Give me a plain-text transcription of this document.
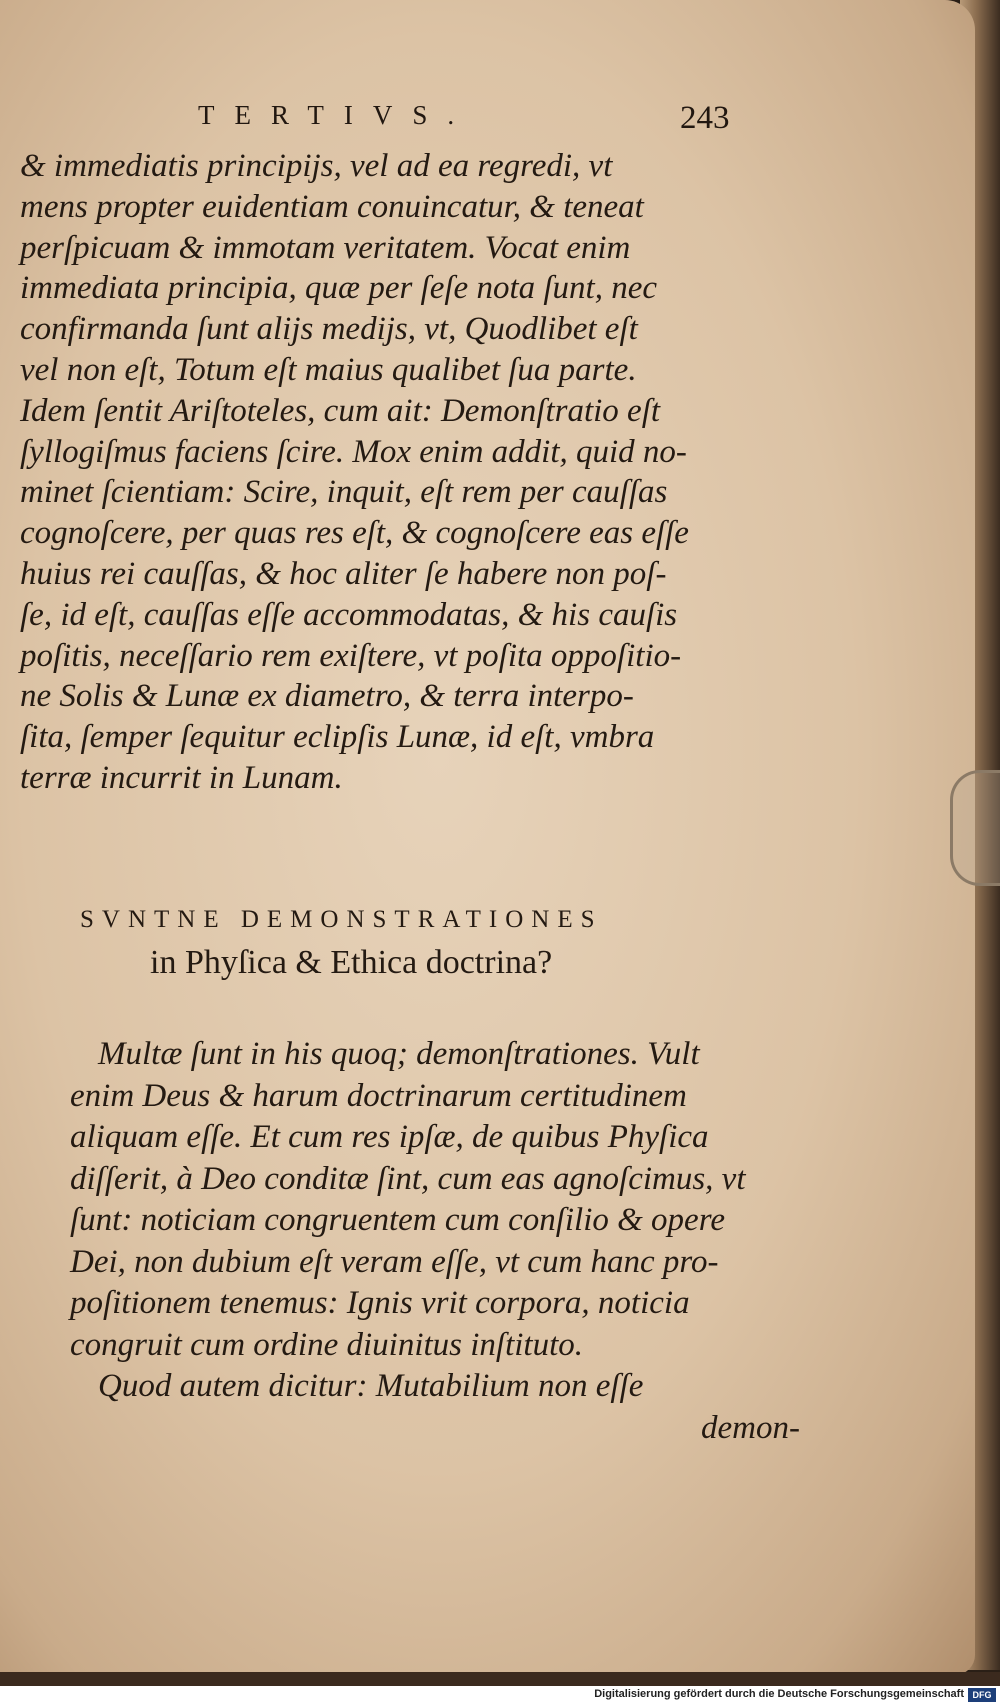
TERTIVS.	243
& immediatis principijs, vel ad ea regredi, vt
mens propter euidentiam conuincatur, & teneat
perſpicuam & immotam veritatem. Vocat enim
immediata principia, quæ per ſeſe nota ſunt, nec
confirmanda ſunt alijs medijs, vt, Quodlibet eſt
vel non eſt, Totum eſt maius qualibet ſua parte.
Idem ſentit Ariſtoteles, cum ait: Demonſtratio eſt
ſyllogiſmus faciens ſcire. Mox enim addit, quid no-
minet ſcientiam: Scire, inquit, eſt rem per cauſſas
cognoſcere, per quas res eſt, & cognoſcere eas eſſe
huius rei cauſſas, & hoc aliter ſe habere non poſ-
ſe, id eſt, cauſſas eſſe accommodatas, & his cauſis
poſitis, neceſſario rem exiſtere, vt poſita oppoſitio-
ne Solis & Lunæ ex diametro, & terra interpo-
ſita, ſemper ſequitur eclipſis Lunæ, id eſt, vmbra
terræ incurrit in Lunam.
SVNTNE DEMONSTRATIONES
in Phyſica & Ethica doctrina?
Multæ ſunt in his quoq; demonſtrationes. Vult
enim Deus & harum doctrinarum certitudinem
aliquam eſſe. Et cum res ipſæ, de quibus Phyſica
diſſerit, à Deo conditæ ſint, cum eas agnoſcimus, vt
ſunt: noticiam congruentem cum conſilio & opere
Dei, non dubium eſt veram eſſe, vt cum hanc pro-
poſitionem tenemus: Ignis vrit corpora, noticia
congruit cum ordine diuinitus inſtituto.
Quod autem dicitur: Mutabilium non eſſe
demon-
Digitalisierung gefördert durch die Deutsche Forschungsgemeinschaft DFG
